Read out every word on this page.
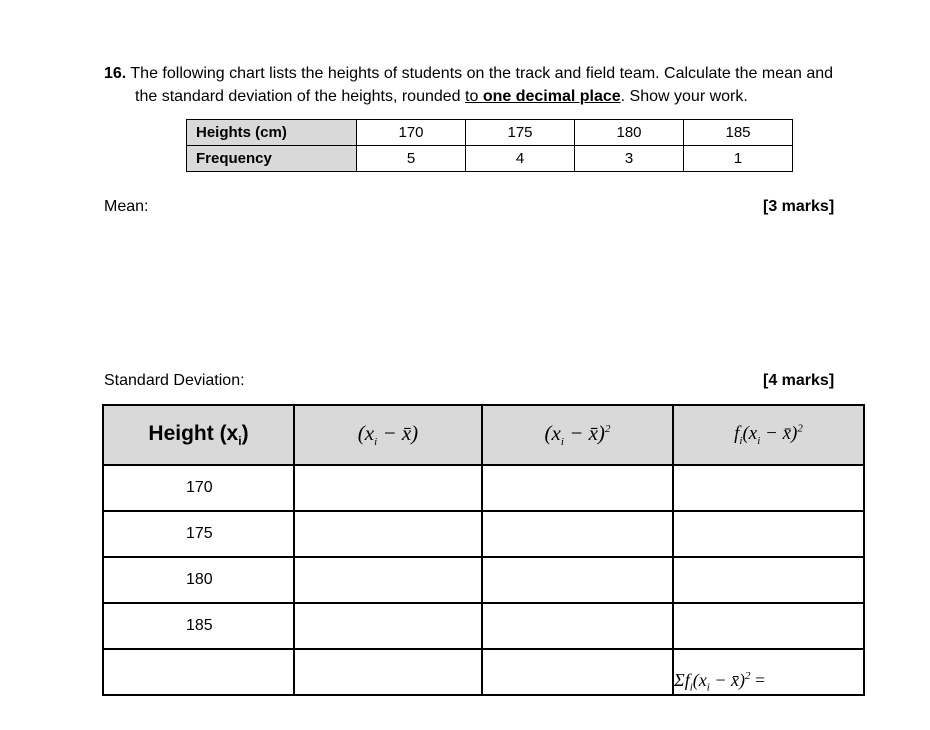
16. The following chart lists the heights of students on the track and field team. Calculate the mean and
the standard deviation of the heights, rounded to one decimal place. Show your work.
Heights (cm)	170	175	180	185
Frequency	5	4	3	1
Mean:	[3 marks]
Standard Deviation:	[4 marks]
Height $(x_i)$	($x_i$ − x̄)	($x_i$ − x̄)$^2$	$f_i(x_i$ − x̄)$^2$
170			
175			
180			
185			
			$\Sigma f_i(x_i$ − x̄)$^2$ =
